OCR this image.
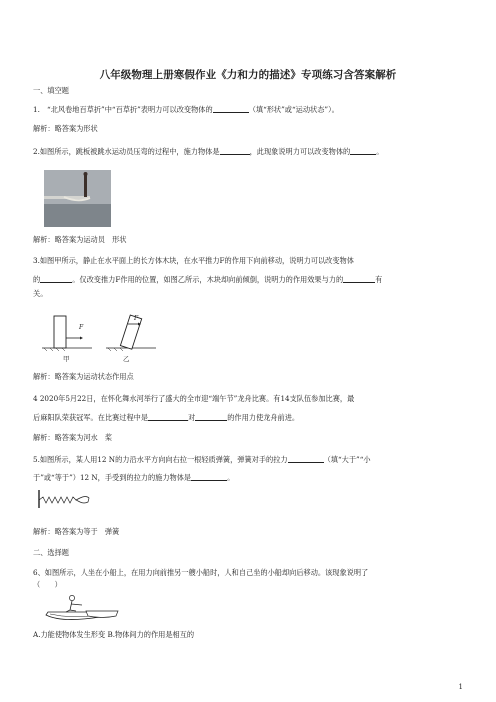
八年级物理上册寒假作业《力和力的描述》专项练习含答案解析
一、填空题
1.　“北风卷地百草折”中“百草折”表明力可以改变物体的	（填“形状”或“运动状态”）。
解析：略答案为形状
2.如图所示，跳板被跳水运动员压弯的过程中，施力物体是	，此现象说明力可以改变物体的	。
解析：略答案为运动员　形状
3.如图甲所示，静止在水平面上的长方体木块，在水平推力F的作用下向前移动，说明力可以改变物体
的	。仅改变推力F作用的位置，如图乙所示，木块却向前倾倒，说明力的作用效果与力的	有
关。
F
F
甲	乙
解析：略答案为运动状态作用点
4 2020年5月22日，在怀化舞水河举行了盛大的全市迎“端午节”龙舟比赛。有14支队伍参加比赛，最
后麻阳队荣获冠军。在比赛过程中是	对	的作用力使龙舟前进。
解析：略答案为河水　桨
5.如图所示，某人用12 N的力沿水平方向向右拉一根轻质弹簧，弹簧对手的拉力	（填“大于”“小
于”或“等于”）12 N，手受到的拉力的施力物体是	。
解析：略答案为等于　弹簧
二、选择题
6、如图所示，人坐在小船上，在用力向前推另一艘小船时，人和自己坐的小船却向后移动。该现象说明了
（　　）
A.力能使物体发生形变 B.物体间力的作用是相互的
1
